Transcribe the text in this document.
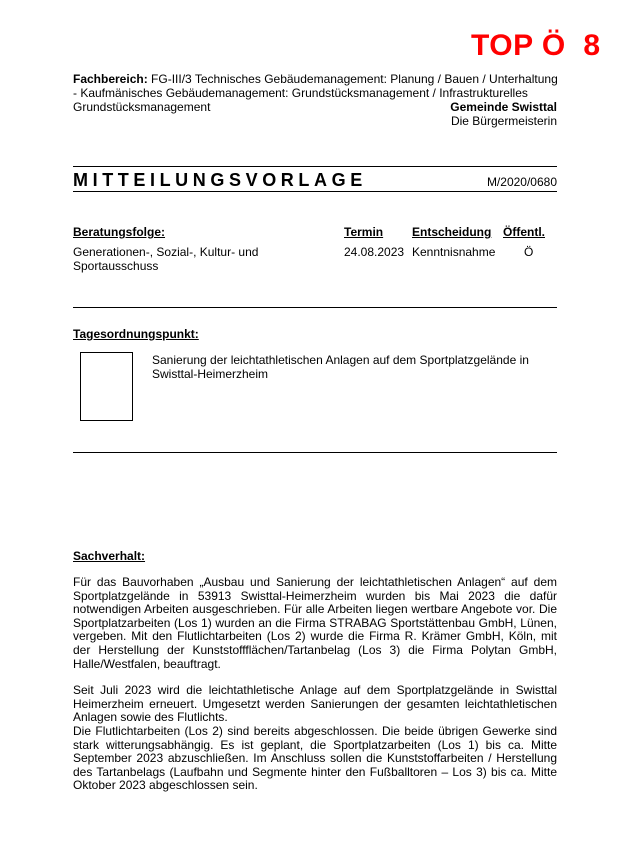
TOP Ö  8
Fachbereich: FG-III/3 Technisches Gebäudemanagement: Planung / Bauen / Unterhaltung - Kaufmänisches Gebäudemanagement: Grundstücksmanagement / Infrastrukturelles Grundstücksmanagement	Gemeinde Swisttal
Die Bürgermeisterin
MITTEILUNGSVORLAGE	M/2020/0680
Beratungsfolge:	Termin Entscheidung Öffentl.
Generationen-, Sozial-, Kultur- und Sportausschuss
24.08.2023 Kenntnisnahme Ö
Tagesordnungspunkt:
Sanierung der leichtathletischen Anlagen auf dem Sportplatzgelände in Swisttal-Heimerzheim
Sachverhalt:
Für das Bauvorhaben „Ausbau und Sanierung der leichtathletischen Anlagen“ auf dem Sportplatzgelände in 53913 Swisttal-Heimerzheim wurden bis Mai 2023 die dafür notwendigen Arbeiten ausgeschrieben. Für alle Arbeiten liegen wertbare Angebote vor. Die Sportplatzarbeiten (Los 1) wurden an die Firma STRABAG Sportstättenbau GmbH, Lünen, vergeben. Mit den Flutlichtarbeiten (Los 2) wurde die Firma R. Krämer GmbH, Köln, mit der Herstellung der Kunststoffflächen/Tartanbelag (Los 3) die Firma Polytan GmbH, Halle/Westfalen, beauftragt.
Seit Juli 2023 wird die leichtathletische Anlage auf dem Sportplatzgelände in Swisttal Heimerzheim erneuert. Umgesetzt werden Sanierungen der gesamten leichtathletischen Anlagen sowie des Flutlichts.
Die Flutlichtarbeiten (Los 2) sind bereits abgeschlossen. Die beide übrigen Gewerke sind stark witterungsabhängig. Es ist geplant, die Sportplatzarbeiten (Los 1) bis ca. Mitte September 2023 abzuschließen. Im Anschluss sollen die Kunststoffarbeiten / Herstellung des Tartanbelags (Laufbahn und Segmente hinter den Fußballtoren – Los 3) bis ca. Mitte Oktober 2023 abgeschlossen sein.
